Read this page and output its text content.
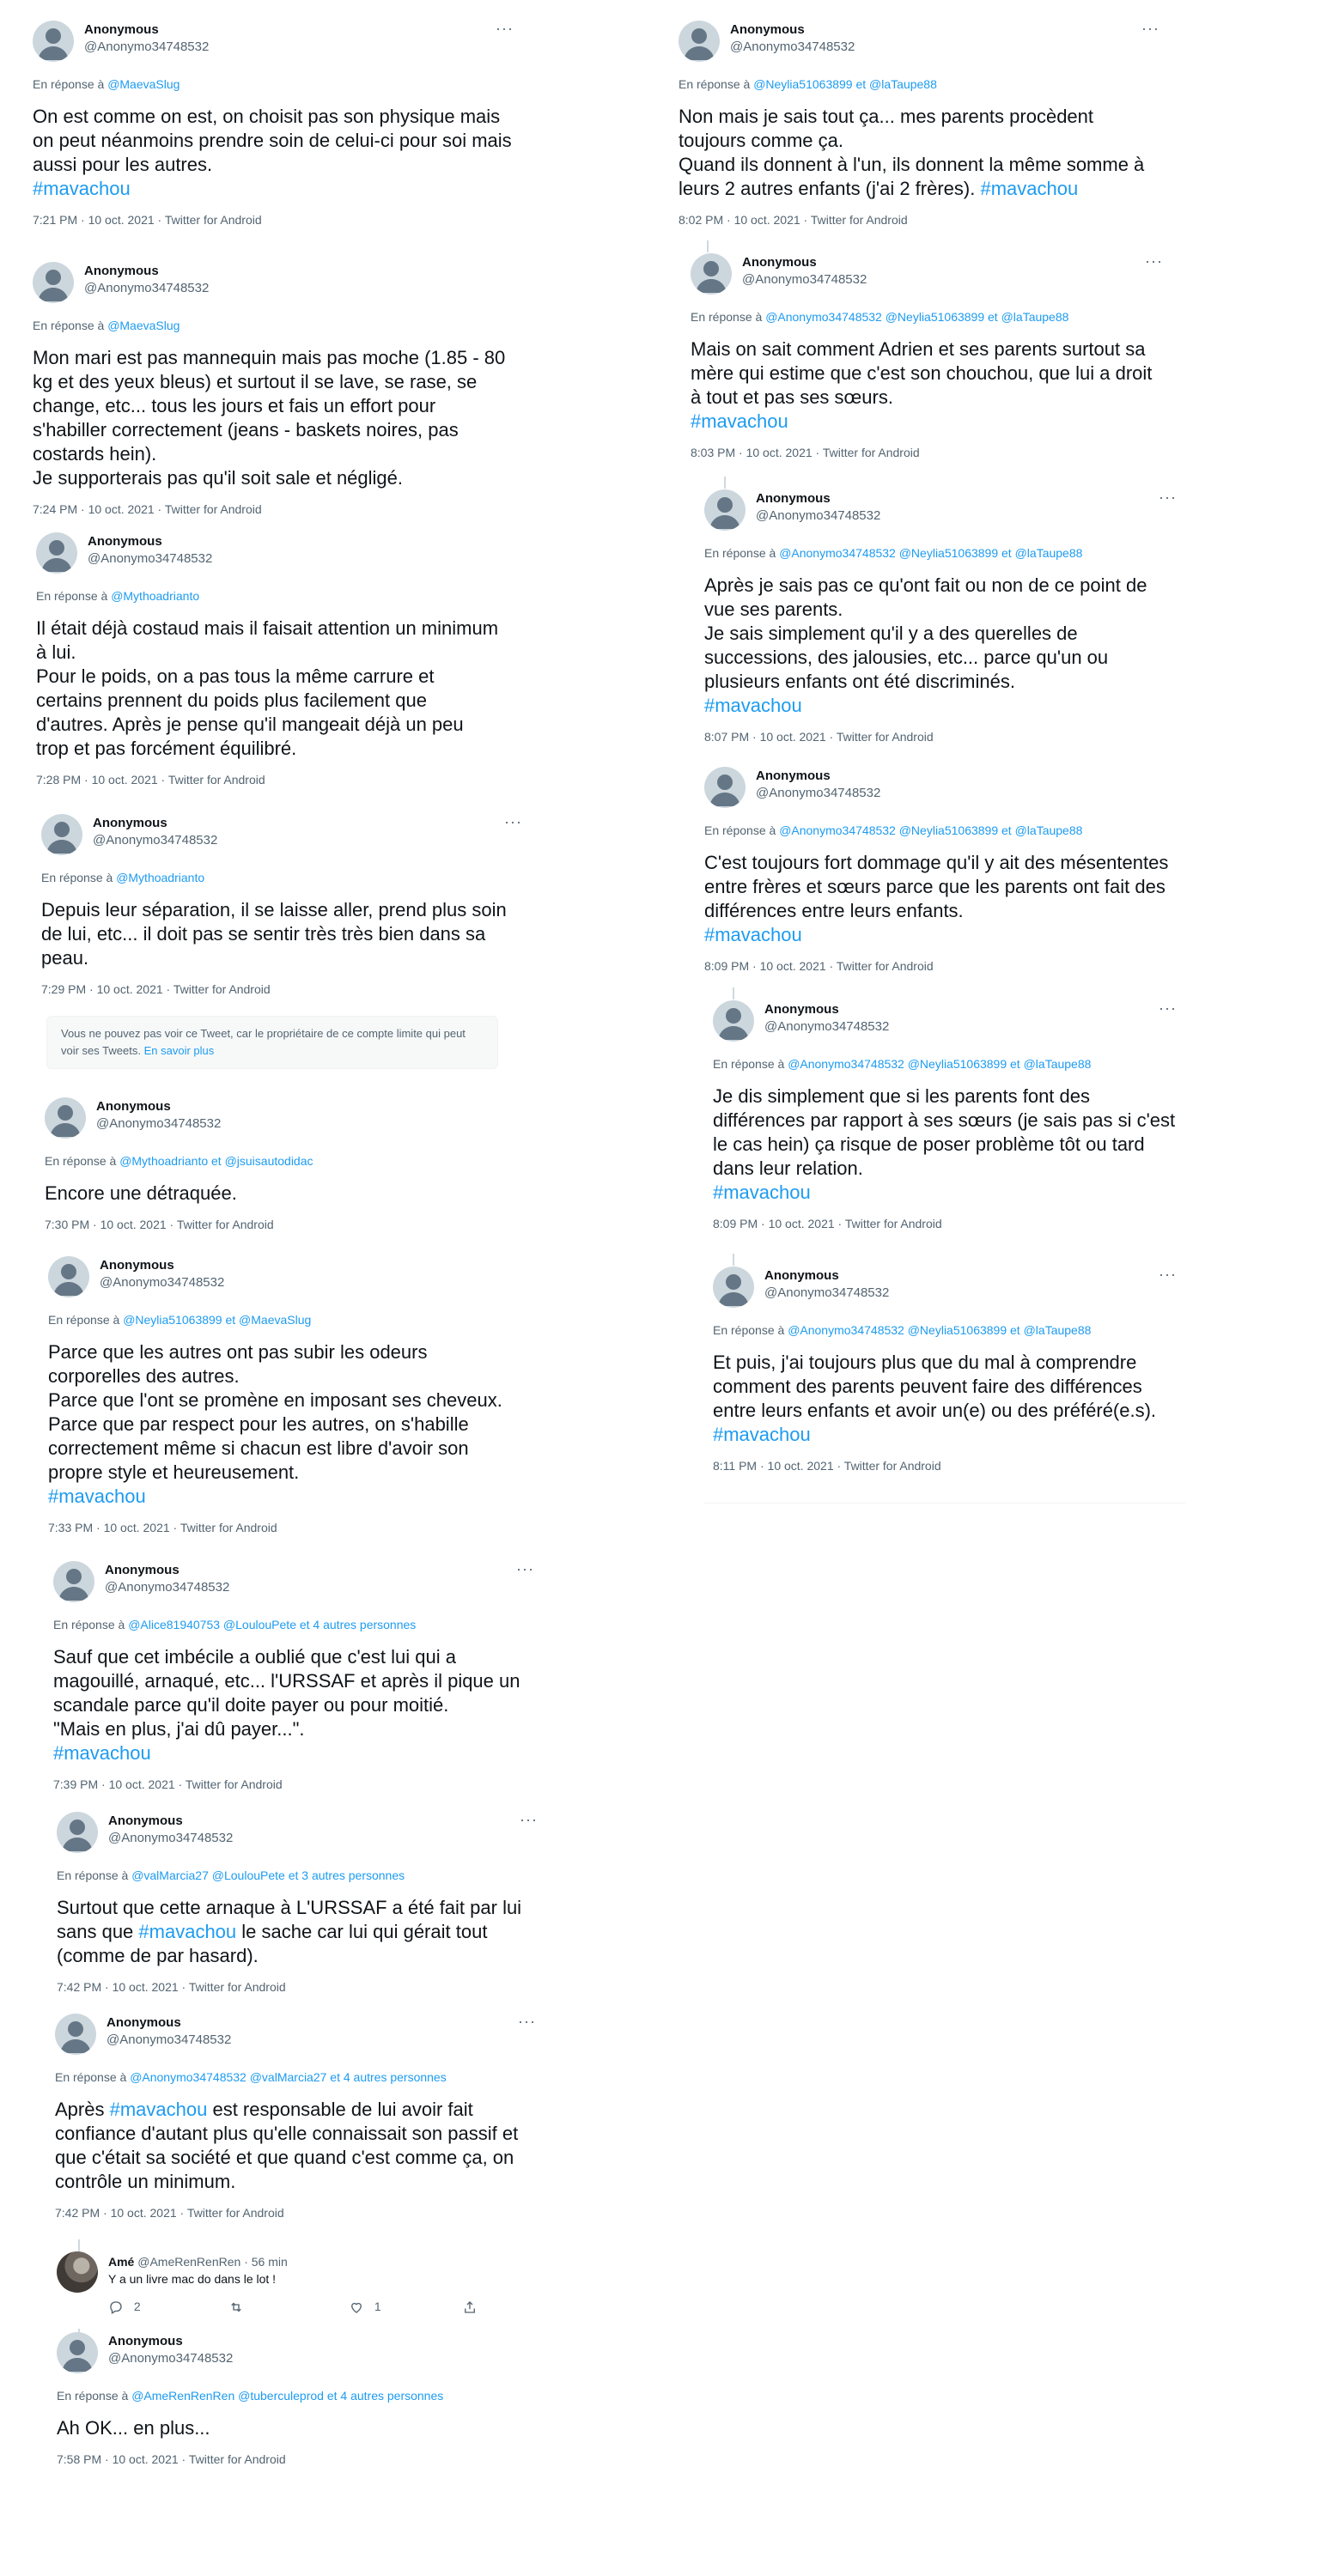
Anonymous
@Anonymo34748532
···
En réponse à @MaevaSlug

On est comme on est, on choisit pas son physique mais on peut néanmoins prendre soin de celui-ci pour soi mais aussi pour les autres.

#mavachou

7:21 PM · 10 oct. 2021 · Twitter for Android
Anonymous
@Anonymo34748532
En réponse à @MaevaSlug

Mon mari est pas mannequin mais pas moche (1.85 - 80 kg et des yeux bleus) et surtout il se lave, se rase, se change, etc... tous les jours et fais un effort pour s'habiller correctement (jeans - baskets noires, pas costards hein).

Je supporterais pas qu'il soit sale et négligé.

7:24 PM · 10 oct. 2021 · Twitter for Android
Anonymous
@Anonymo34748532
En réponse à @Mythoadrianto

Il était déjà costaud mais il faisait attention un minimum à lui.

Pour le poids, on a pas tous la même carrure et certains prennent du poids plus facilement que d'autres. Après je pense qu'il mangeait déjà un peu trop et pas forcément équilibré.

7:28 PM · 10 oct. 2021 · Twitter for Android
Anonymous
@Anonymo34748532
···
En réponse à @Mythoadrianto

Depuis leur séparation, il se laisse aller, prend plus soin de lui, etc... il doit pas se sentir très très bien dans sa peau.

7:29 PM · 10 oct. 2021 · Twitter for Android
Vous ne pouvez pas voir ce Tweet, car le propriétaire de ce compte limite qui peut voir ses Tweets. En savoir plus
Anonymous
@Anonymo34748532
En réponse à @Mythoadrianto et @jsuisautodidac

Encore une détraquée.

7:30 PM · 10 oct. 2021 · Twitter for Android
Anonymous
@Anonymo34748532
En réponse à @Neylia51063899 et @MaevaSlug

Parce que les autres ont pas subir les odeurs corporelles des autres.

Parce que l'ont se promène en imposant ses cheveux.

Parce que par respect pour les autres, on s'habille correctement même si chacun est libre d'avoir son propre style et heureusement.

#mavachou

7:33 PM · 10 oct. 2021 · Twitter for Android
Anonymous
@Anonymo34748532
···
En réponse à @Alice81940753 @LoulouPete et 4 autres personnes

Sauf que cet imbécile a oublié que c'est lui qui a magouillé, arnaqué, etc... l'URSSAF et après il pique un scandale parce qu'il doite payer ou pour moitié.

"Mais en plus, j'ai dû payer...".

#mavachou

7:39 PM · 10 oct. 2021 · Twitter for Android
Anonymous
@Anonymo34748532
···
En réponse à @valMarcia27 @LoulouPete et 3 autres personnes

Surtout que cette arnaque à L'URSSAF a été fait par lui sans que #mavachou le sache car lui qui gérait tout (comme de par hasard).

7:42 PM · 10 oct. 2021 · Twitter for Android
Anonymous
@Anonymo34748532
···
En réponse à @Anonymo34748532 @valMarcia27 et 4 autres personnes

Après #mavachou est responsable de lui avoir fait confiance d'autant plus qu'elle connaissait son passif et que c'était sa société et que quand c'est comme ça, on contrôle un minimum.

7:42 PM · 10 oct. 2021 · Twitter for Android
Amé @AmeRenRenRen · 56 min
Y a un livre mac do dans le lot !
2	1
Anonymous
@Anonymo34748532
En réponse à @AmeRenRenRen @tuberculeprod et 4 autres personnes

Ah OK... en plus...

7:58 PM · 10 oct. 2021 · Twitter for Android
Anonymous
@Anonymo34748532
···
En réponse à @Neylia51063899 et @laTaupe88

Non mais je sais tout ça... mes parents procèdent toujours comme ça.

Quand ils donnent à l'un, ils donnent la même somme à leurs 2 autres enfants (j'ai 2 frères). #mavachou

8:02 PM · 10 oct. 2021 · Twitter for Android
Anonymous
@Anonymo34748532
···
En réponse à @Anonymo34748532 @Neylia51063899 et @laTaupe88

Mais on sait comment Adrien et ses parents surtout sa mère qui estime que c'est son chouchou, que lui a droit à tout et pas ses sœurs.

#mavachou

8:03 PM · 10 oct. 2021 · Twitter for Android
Anonymous
@Anonymo34748532
···
En réponse à @Anonymo34748532 @Neylia51063899 et @laTaupe88

Après je sais pas ce qu'ont fait ou non de ce point de vue ses parents.

Je sais simplement qu'il y a des querelles de successions, des jalousies, etc... parce qu'un ou plusieurs enfants ont été discriminés.

#mavachou

8:07 PM · 10 oct. 2021 · Twitter for Android
Anonymous
@Anonymo34748532
En réponse à @Anonymo34748532 @Neylia51063899 et @laTaupe88

C'est toujours fort dommage qu'il y ait des mésententes entre frères et sœurs parce que les parents ont fait des différences entre leurs enfants.

#mavachou

8:09 PM · 10 oct. 2021 · Twitter for Android
Anonymous
@Anonymo34748532
···
En réponse à @Anonymo34748532 @Neylia51063899 et @laTaupe88

Je dis simplement que si les parents font des différences par rapport à ses sœurs (je sais pas si c'est le cas hein) ça risque de poser problème tôt ou tard dans leur relation.

#mavachou

8:09 PM · 10 oct. 2021 · Twitter for Android
Anonymous
@Anonymo34748532
···
En réponse à @Anonymo34748532 @Neylia51063899 et @laTaupe88

Et puis, j'ai toujours plus que du mal à comprendre comment des parents peuvent faire des différences entre leurs enfants et avoir un(e) ou des préféré(e.s).

#mavachou

8:11 PM · 10 oct. 2021 · Twitter for Android
